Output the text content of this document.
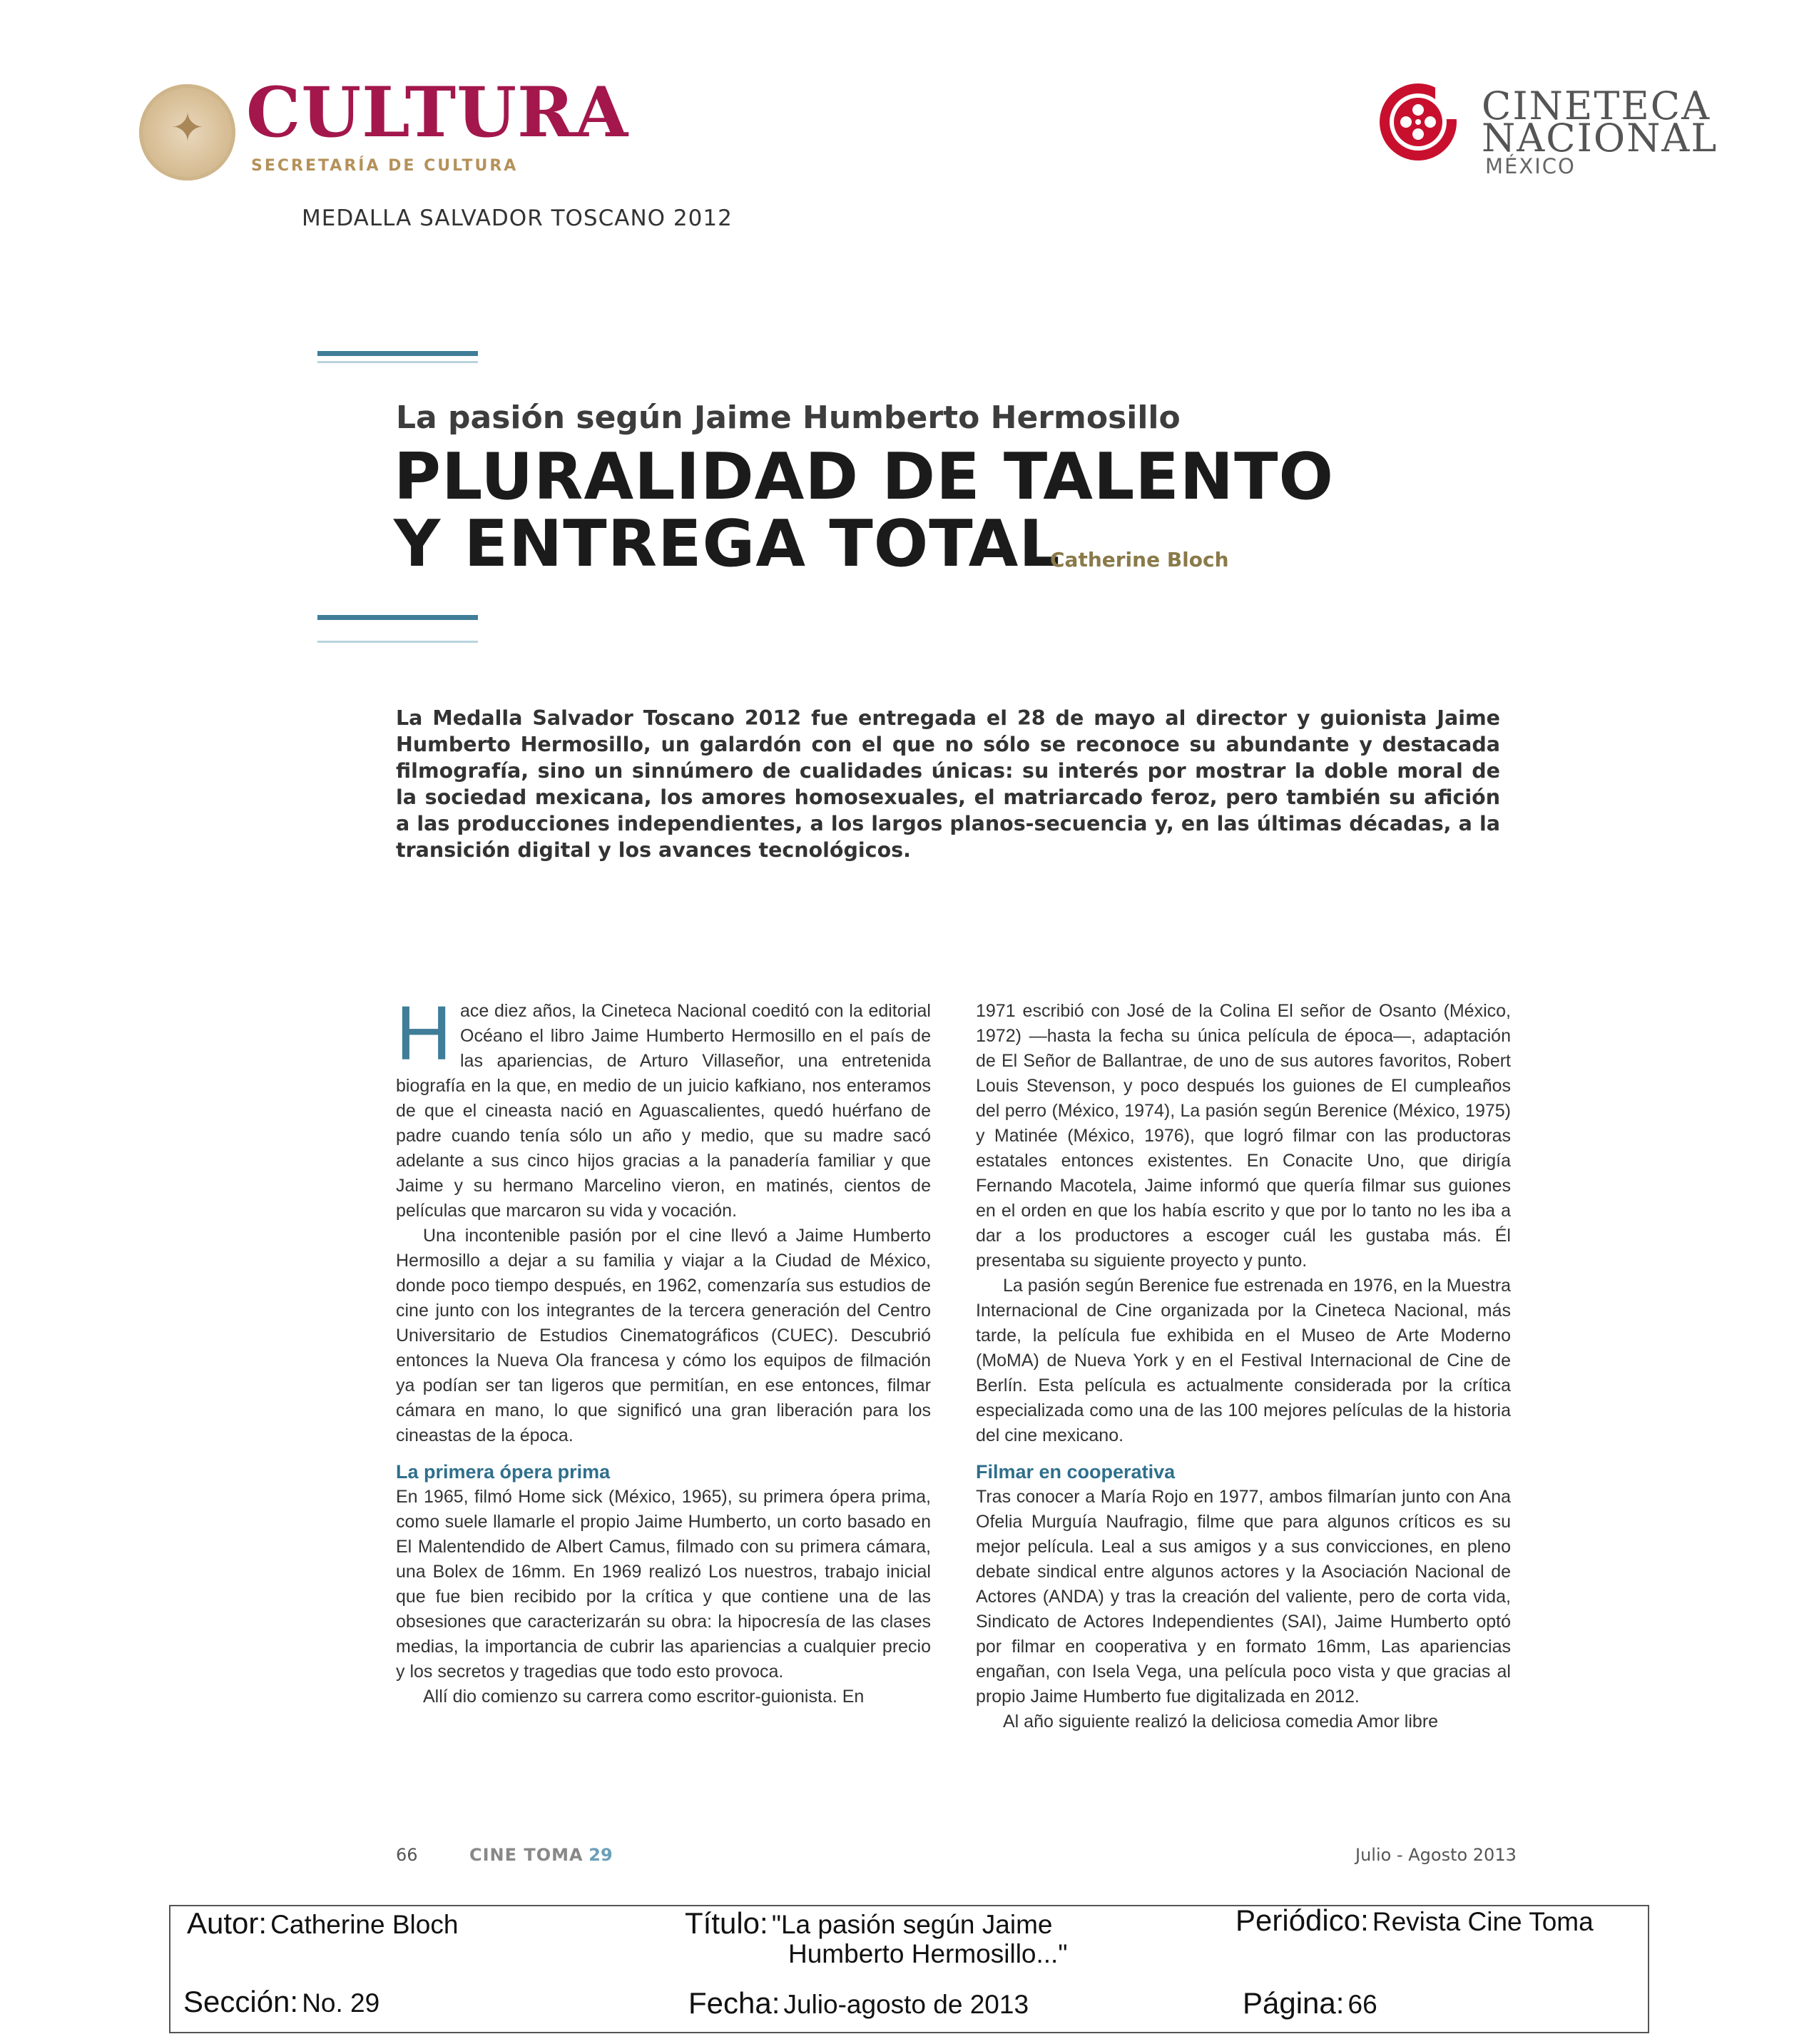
✦ CULTURA
SECRETARÍA DE CULTURA
MEDALLA SALVADOR TOSCANO 2012
CINETECA
NACIONAL
MÉXICO
La pasión según Jaime Humberto Hermosillo
PLURALIDAD DE TALENTO
Y ENTREGA TOTAL
Catherine Bloch

La Medalla Salvador Toscano 2012 fue entregada el 28 de mayo al director y guionista Jaime Humberto Hermosillo, un galardón con el que no sólo se reconoce su abundante y destacada filmografía, sino un sinnúmero de cualidades únicas: su interés por mostrar la doble moral de la sociedad mexicana, los amores homosexuales, el matriarcado feroz, pero también su afición a las producciones independientes, a los largos planos-secuencia y, en las últimas décadas, a la transición digital y los avances tecnológicos.

H ace diez años, la Cineteca Nacional coeditó con la editorial Océano el libro Jaime Humberto Hermosillo en el país de las apariencias, de Arturo Villaseñor, una entretenida biografía en la que, en medio de un juicio kafkiano, nos enteramos de que el cineasta nació en Aguascalientes, quedó huérfano de padre cuando tenía sólo un año y medio, que su madre sacó adelante a sus cinco hijos gracias a la panadería familiar y que Jaime y su hermano Marcelino vieron, en matinés, cientos de películas que marcaron su vida y vocación.

Una incontenible pasión por el cine llevó a Jaime Humberto Hermosillo a dejar a su familia y viajar a la Ciudad de México, donde poco tiempo después, en 1962, comenzaría sus estudios de cine junto con los integrantes de la tercera generación del Centro Universitario de Estudios Cinematográficos (CUEC). Descubrió entonces la Nueva Ola francesa y cómo los equipos de filmación ya podían ser tan ligeros que permitían, en ese entonces, filmar cámara en mano, lo que significó una gran liberación para los cineastas de la época.

La primera ópera prima

En 1965, filmó Home sick (México, 1965), su primera ópera prima, como suele llamarle el propio Jaime Humberto, un corto basado en El Malentendido de Albert Camus, filmado con su primera cámara, una Bolex de 16mm. En 1969 realizó Los nuestros, trabajo inicial que fue bien recibido por la crítica y que contiene una de las obsesiones que caracterizarán su obra: la hipocresía de las clases medias, la importancia de cubrir las apariencias a cualquier precio y los secretos y tragedias que todo esto provoca.

Allí dio comienzo su carrera como escritor-guionista. En

1971 escribió con José de la Colina El señor de Osanto (México, 1972) —hasta la fecha su única película de época—, adaptación de El Señor de Ballantrae, de uno de sus autores favoritos, Robert Louis Stevenson, y poco después los guiones de El cumpleaños del perro (México, 1974), La pasión según Berenice (México, 1975) y Matinée (México, 1976), que logró filmar con las productoras estatales entonces existentes. En Conacite Uno, que dirigía Fernando Macotela, Jaime informó que quería filmar sus guiones en el orden en que los había escrito y que por lo tanto no les iba a dar a los productores a escoger cuál les gustaba más. Él presentaba su siguiente proyecto y punto.

La pasión según Berenice fue estrenada en 1976, en la Muestra Internacional de Cine organizada por la Cineteca Nacional, más tarde, la película fue exhibida en el Museo de Arte Moderno (MoMA) de Nueva York y en el Festival Internacional de Cine de Berlín. Esta película es actualmente considerada por la crítica especializada como una de las 100 mejores películas de la historia del cine mexicano.

Filmar en cooperativa

Tras conocer a María Rojo en 1977, ambos filmarían junto con Ana Ofelia Murguía Naufragio, filme que para algunos críticos es su mejor película. Leal a sus amigos y a sus convicciones, en pleno debate sindical entre algunos actores y la Asociación Nacional de Actores (ANDA) y tras la creación del valiente, pero de corta vida, Sindicato de Actores Independientes (SAI), Jaime Humberto optó por filmar en cooperativa y en formato 16mm, Las apariencias engañan, con Isela Vega, una película poco vista y que gracias al propio Jaime Humberto fue digitalizada en 2012.

Al año siguiente realizó la deliciosa comedia Amor libre

66	CINE TOMA 29	Julio - Agosto 2013
Autor: Catherine Bloch	Título: "La pasión según Jaime
Humberto Hermosillo..."
Periódico: Revista Cine Toma
Sección: No. 29	Fecha: Julio-agosto de 2013	Página: 66
